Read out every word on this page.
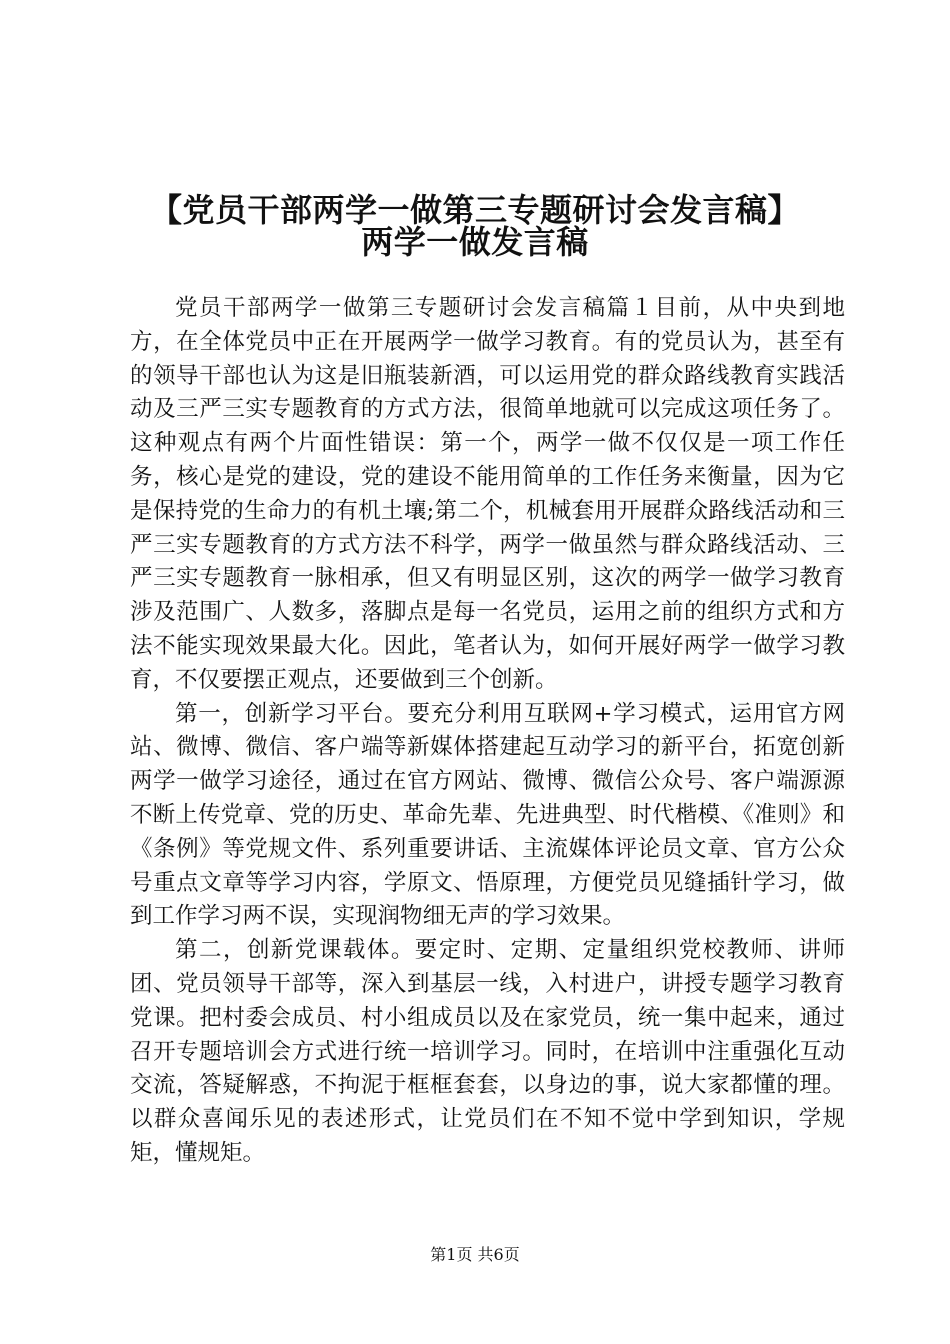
【党员干部两学一做第三专题研讨会发言稿】
两学一做发言稿

党员干部两学一做第三专题研讨会发言稿篇１目前，从中央到地方，在全体党员中正在开展两学一做学习教育。有的党员认为，甚至有的领导干部也认为这是旧瓶装新酒，可以运用党的群众路线教育实践活动及三严三实专题教育的方式方法，很简单地就可以完成这项任务了。这种观点有两个片面性错误：第一个，两学一做不仅仅是一项工作任务，核心是党的建设，党的建设不能用简单的工作任务来衡量，因为它是保持党的生命力的有机土壤;第二个，机械套用开展群众路线活动和三严三实专题教育的方式方法不科学，两学一做虽然与群众路线活动、三严三实专题教育一脉相承，但又有明显区别，这次的两学一做学习教育涉及范围广、人数多，落脚点是每一名党员，运用之前的组织方式和方法不能实现效果最大化。因此，笔者认为，如何开展好两学一做学习教育，不仅要摆正观点，还要做到三个创新。

第一，创新学习平台。要充分利用互联网+学习模式，运用官方网站、微博、微信、客户端等新媒体搭建起互动学习的新平台，拓宽创新两学一做学习途径，通过在官方网站、微博、微信公众号、客户端源源不断上传党章、党的历史、革命先辈、先进典型、时代楷模、《准则》和《条例》等党规文件、系列重要讲话、主流媒体评论员文章、官方公众号重点文章等学习内容，学原文、悟原理，方便党员见缝插针学习，做到工作学习两不误，实现润物细无声的学习效果。

第二，创新党课载体。要定时、定期、定量组织党校教师、讲师团、党员领导干部等，深入到基层一线，入村进户，讲授专题学习教育党课。把村委会成员、村小组成员以及在家党员，统一集中起来，通过召开专题培训会方式进行统一培训学习。同时，在培训中注重强化互动交流，答疑解惑，不拘泥于框框套套，以身边的事，说大家都懂的理。以群众喜闻乐见的表述形式，让党员们在不知不觉中学到知识，学规矩，懂规矩。

第1页 共6页
